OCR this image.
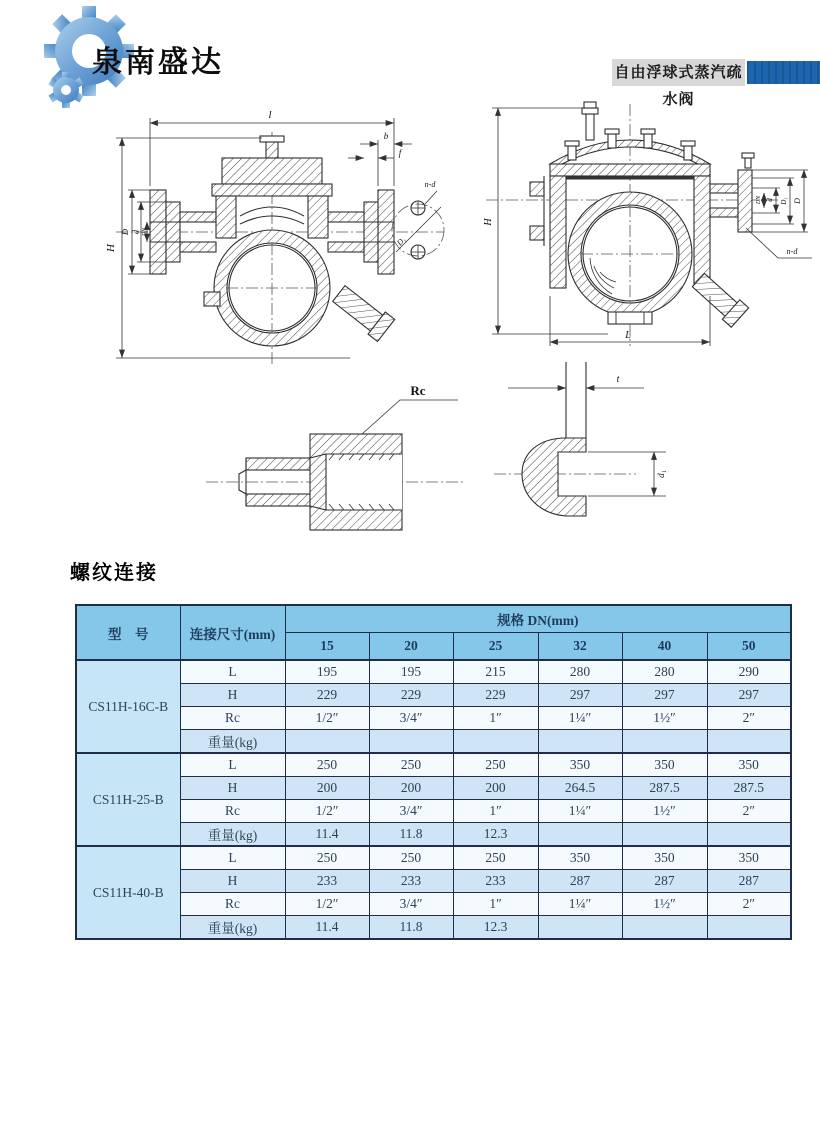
泉南盛达	自由浮球式蒸汽疏水阀
l
H
D d DN
b
f
D₁
n-d
H
L
DN d D₁ D
n-d
Rc
t
d₁
螺纹连接
型　号	连接尺寸(mm)	规格 DN(mm)					
		15	20	25	32	40	50
CS11H-16C-B	L	195	195	215	280	280	290
	H	229	229	229	297	297	297
	Rc	1/2″	3/4″	1″	1¼″	1½″	2″
	重量(kg)						
CS11H-25-B	L	250	250	250	350	350	350
	H	200	200	200	264.5	287.5	287.5
	Rc	1/2″	3/4″	1″	1¼″	1½″	2″
	重量(kg)	11.4	11.8	12.3			
CS11H-40-B	L	250	250	250	350	350	350
	H	233	233	233	287	287	287
	Rc	1/2″	3/4″	1″	1¼″	1½″	2″
	重量(kg)	11.4	11.8	12.3			
